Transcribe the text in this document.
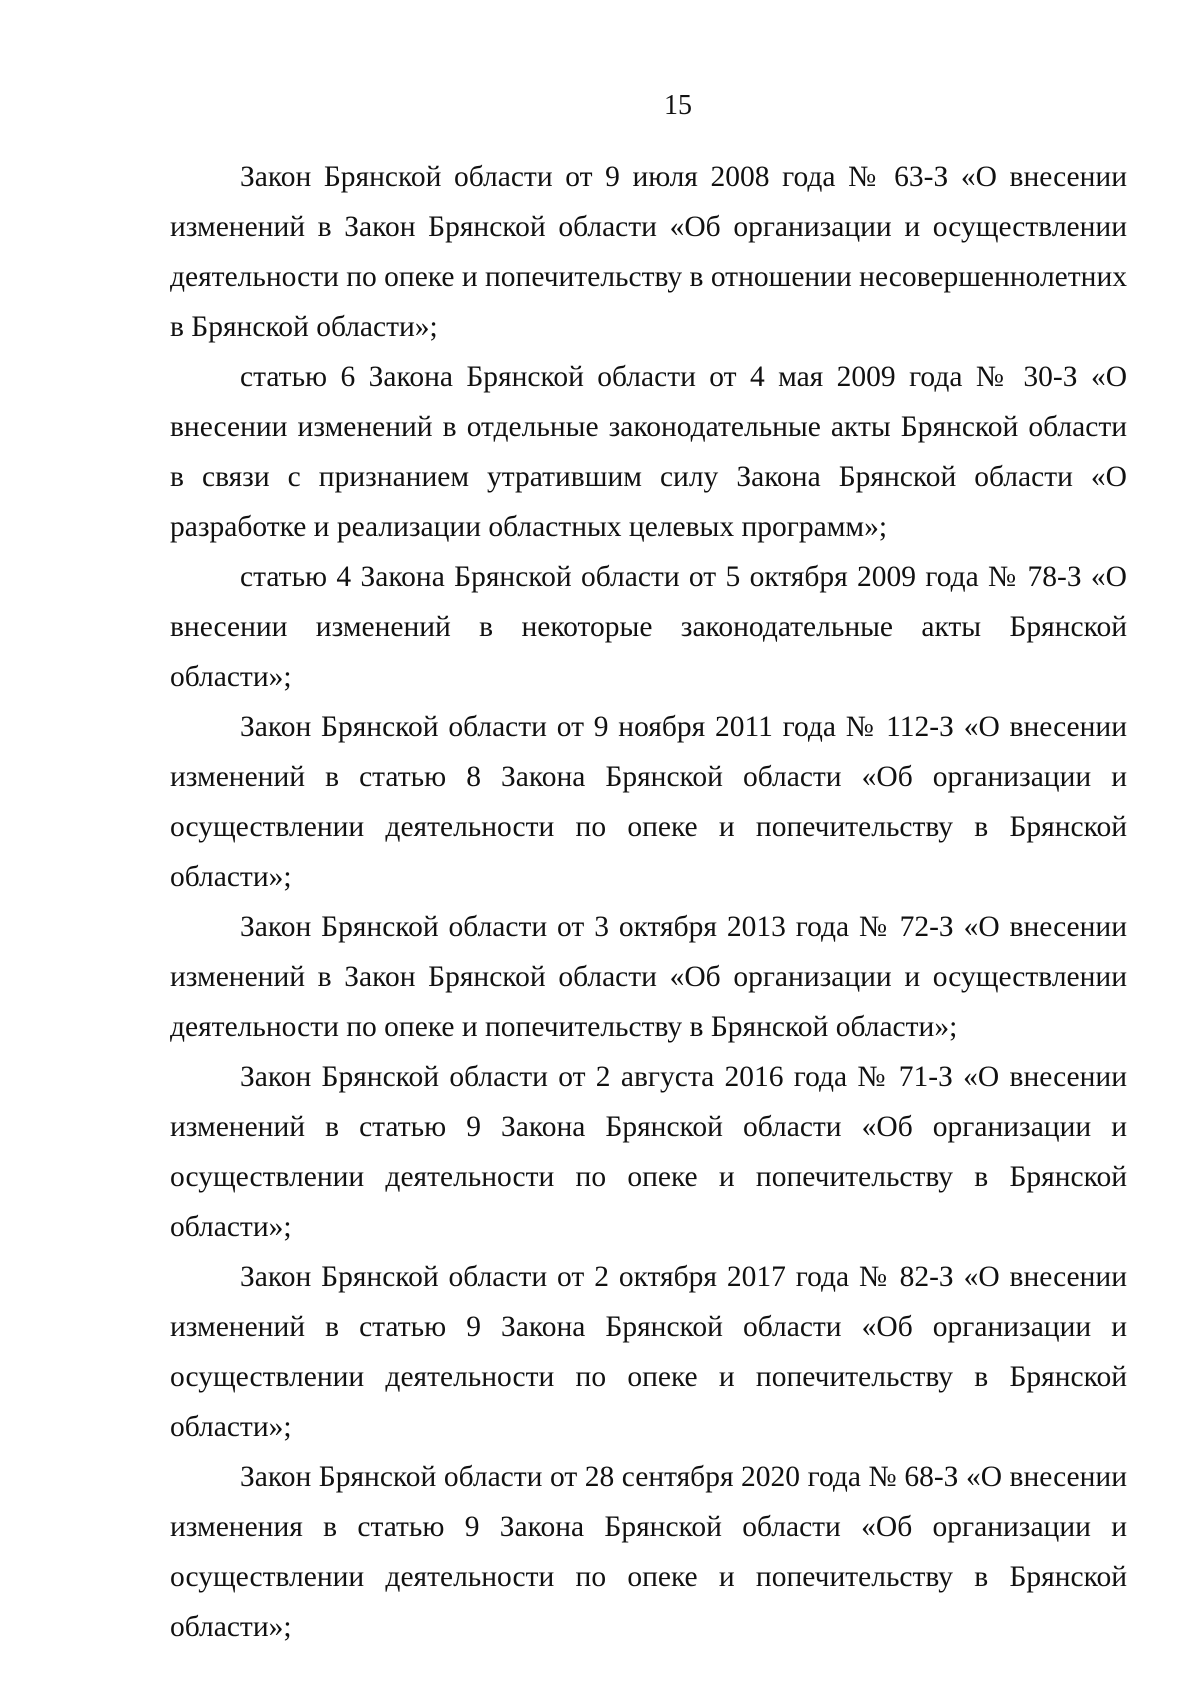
15

Закон Брянской области от 9 июля 2008 года № 63-З «О внесении изменений в Закон Брянской области «Об организации и осуществлении деятельности по опеке и попечительству в отношении несовершеннолетних в Брянской области»;

статью 6 Закона Брянской области от 4 мая 2009 года № 30-З «О внесении изменений в отдельные законодательные акты Брянской области в связи с признанием утратившим силу Закона Брянской области «О разработке и реализации областных целевых программ»;

статью 4 Закона Брянской области от 5 октября 2009 года № 78-З «О внесении изменений в некоторые законодательные акты Брянской области»;

Закон Брянской области от 9 ноября 2011 года № 112-З «О внесении изменений в статью 8 Закона Брянской области «Об организации и осуществлении деятельности по опеке и попечительству в Брянской области»;

Закон Брянской области от 3 октября 2013 года № 72-З «О внесении изменений в Закон Брянской области «Об организации и осуществлении деятельности по опеке и попечительству в Брянской области»;

Закон Брянской области от 2 августа 2016 года № 71-З «О внесении изменений в статью 9 Закона Брянской области «Об организации и осуществлении деятельности по опеке и попечительству в Брянской области»;

Закон Брянской области от 2 октября 2017 года № 82-З «О внесении изменений в статью 9 Закона Брянской области «Об организации и осуществлении деятельности по опеке и попечительству в Брянской области»;

Закон Брянской области от 28 сентября 2020 года № 68-З «О внесении изменения в статью 9 Закона Брянской области «Об организации и осуществлении деятельности по опеке и попечительству в Брянской области»;
